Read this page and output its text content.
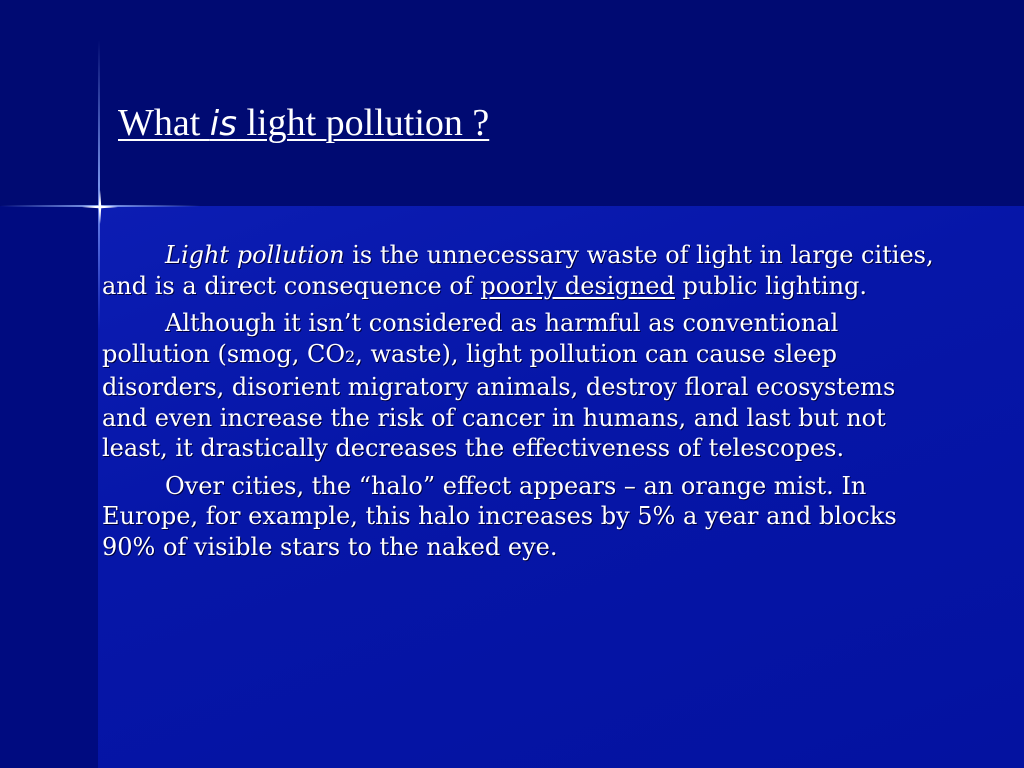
What is light pollution ?

Light pollution is the unnecessary waste of light in large cities, and is a direct consequence of poorly designed public lighting.

Although it isn’t considered as harmful as conventional pollution (smog, CO2, waste), light pollution can cause sleep disorders, disorient migratory animals, destroy floral ecosystems and even increase the risk of cancer in humans, and last but not least, it drastically decreases the effectiveness of telescopes.

Over cities, the “halo” effect appears – an orange mist. In Europe, for example, this halo increases by 5% a year and blocks 90% of visible stars to the naked eye.
